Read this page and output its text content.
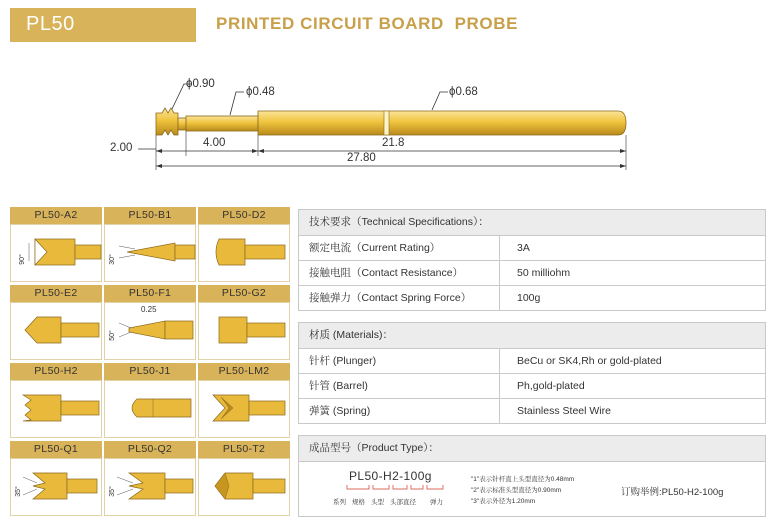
PL50	PRINTED CIRCUIT BOARD  PROBE
ϕ0.90
ϕ0.48	ϕ0.68
2.00	4.00	21.8
27.80
PL50-A2
90°
PL50-B1
30°
PL50-D2
PL50-E2	PL50-F1
50°
0.25
PL50-G2
PL50-H2	PL50-J1	PL50-LM2
PL50-Q1
35°
PL50-Q2
35°
PL50-T2
技术要求（Technical Specifications）：
额定电流（Current Rating）	3A
接触电阻（Contact Resistance）	50 milliohm
接触弹力（Contact Spring Force）	100g
材质 (Materials)：
针杆 (Plunger)	BeCu or SK4,Rh or gold-plated
针管 (Barrel)	Ph,gold-plated
弹簧 (Spring)	Stainless Steel Wire
成品型号（Product Type）：
PL50-H2-100g
系列 规格 头型 头部直径 弹力
"1"表示针杆直上头型直径为0.48mm
"2"表示标准头型直径为0.90mm
"3"表示外径为1.20mm
订购举例:PL50-H2-100g
